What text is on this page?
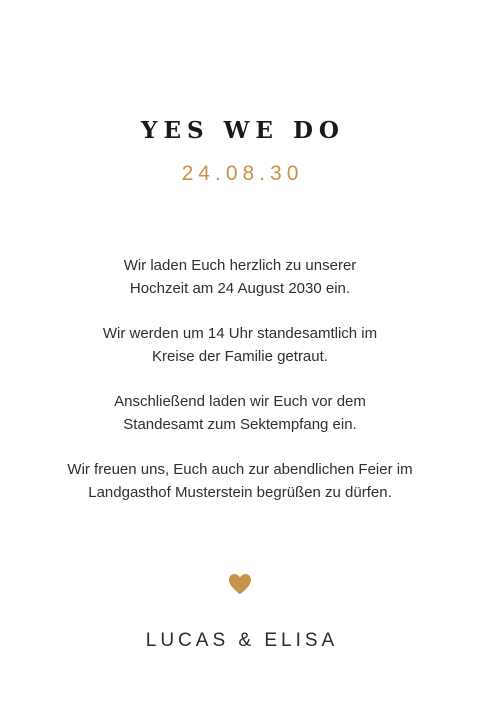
YES WE DO
24.08.30

Wir laden Euch herzlich zu unserer
Hochzeit am 24 August 2030 ein.

Wir werden um 14 Uhr standesamtlich im
Kreise der Familie getraut.

Anschließend laden wir Euch vor dem
Standesamt zum Sektempfang ein.

Wir freuen uns, Euch auch zur abendlichen Feier im
Landgasthof Musterstein begrüßen zu dürfen.

LUCAS & ELISA
